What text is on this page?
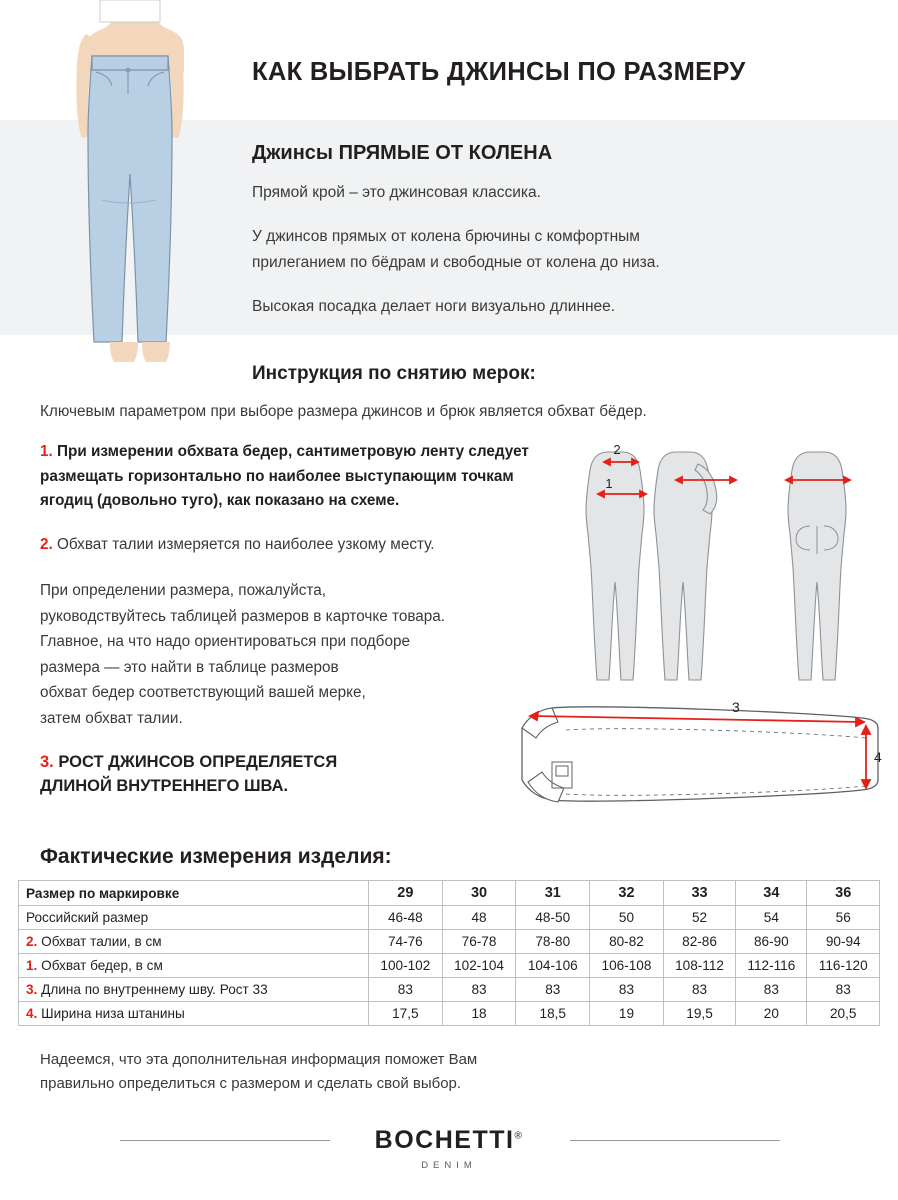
КАК ВЫБРАТЬ ДЖИНСЫ ПО РАЗМЕРУ
Джинсы ПРЯМЫЕ ОТ КОЛЕНА

Прямой крой – это джинсовая классика.

У джинсов прямых от колена брючины с комфортным

прилеганием по бёдрам и свободные от колена до низа.

Высокая посадка делает ноги визуально длиннее.

Инструкция по снятию мерок:
Ключевым параметром при выборе размера джинсов и брюк является обхват бёдер.
1. При измерении обхвата бедер, сантиметровую ленту следует размещать горизонтально по наиболее выступающим точкам ягодиц (довольно туго), как показано на схеме.
2. Обхват талии измеряется по наиболее узкому месту.

При определении размера, пожалуйста,

руководствуйтесь таблицей размеров в карточке товара.

Главное, на что надо ориентироваться при подборе

размера — это найти в таблице размеров

обхват бедер соответствующий вашей мерке,

затем обхват талии.

3. РОСТ ДЖИНСОВ ОПРЕДЕЛЯЕТСЯ
ДЛИНОЙ ВНУТРЕННЕГО ШВА.
2
1
3
4
Фактические измерения изделия:
Размер по маркировке	29	30	31	32	33	34	36
Российский размер	46-48	48	48-50	50	52	54	56
2. Обхват талии, в см	74-76	76-78	78-80	80-82	82-86	86-90	90-94
1. Обхват бедер, в см	100-102	102-104	104-106	106-108	108-112	112-116	116-120
3. Длина по внутреннему шву. Рост 33	83	83	83	83	83	83	83
4. Ширина низа штанины	17,5	18	18,5	19	19,5	20	20,5

Надеемся, что эта дополнительная информация поможет Вам

правильно определиться с размером и сделать свой выбор.

BOCHETTI®
DENIM
